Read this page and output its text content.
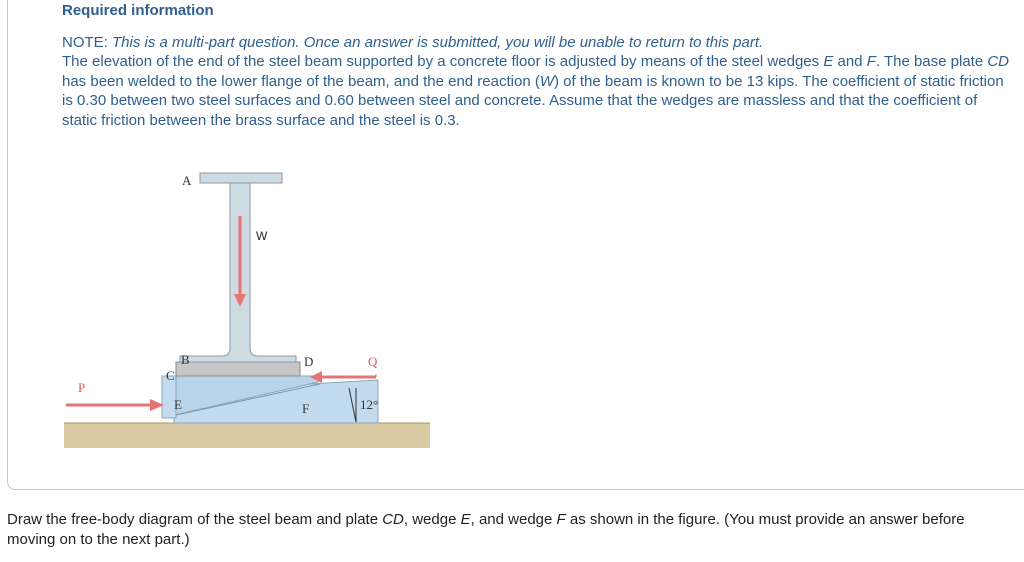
Required information
NOTE: This is a multi-part question. Once an answer is submitted, you will be unable to return to this part.
The elevation of the end of the steel beam supported by a concrete floor is adjusted by means of the steel wedges E and F. The base plate CD has been welded to the lower flange of the beam, and the end reaction (W) of the beam is known to be 13 kips. The coefficient of static friction is 0.30 between two steel surfaces and 0.60 between steel and concrete. Assume that the wedges are massless and that the coefficient of static friction between the brass surface and the steel is 0.3.
A
W
B
C
D	Q
P
E	F	12°
Draw the free-body diagram of the steel beam and plate CD, wedge E, and wedge F as shown in the figure. (You must provide an answer before moving on to the next part.)
